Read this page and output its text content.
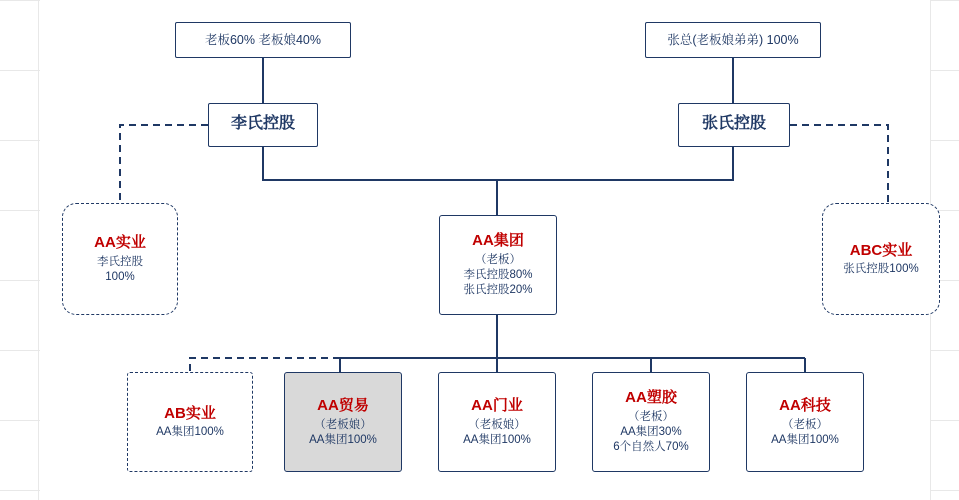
老板60% 老板娘40%	张总(老板娘弟弟) 100%
李氏控股	张氏控股
AA实业
李氏控股
100%
AA集团
（老板）
李氏控股80%
张氏控股20%
ABC实业
张氏控股100%
AB实业
AA集团100%
AA贸易
（老板娘）
AA集团100%
AA门业
（老板娘）
AA集团100%
AA塑胶
（老板）
AA集团30%
6个自然人70%
AA科技
（老板）
AA集团100%
